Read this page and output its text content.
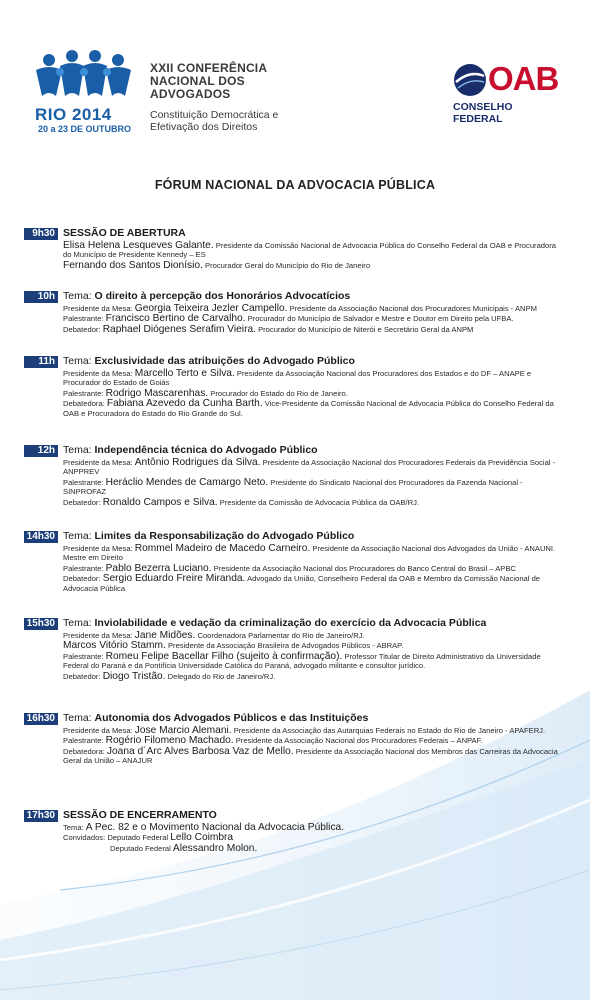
RIO 2014
20 a 23 DE OUTUBRO
XXII CONFERÊNCIA
NACIONAL DOS
ADVOGADOS
Constituição Democrática e
Efetivação dos Direitos
OAB
CONSELHO FEDERAL
FÓRUM NACIONAL DA ADVOCACIA PÚBLICA
9h30 SESSÃO DE ABERTURA
Elisa Helena Lesqueves Galante. Presidente da Comissão Nacional de Advocacia Pública do Conselho Federal da OAB e Procuradora do Município de Presidente Kennedy – ES
Fernando dos Santos Dionísio. Procurador Geral do Município do Rio de Janeiro
10h Tema: O direito à percepção dos Honorários Advocatícios
Presidente da Mesa: Georgia Teixeira Jezler Campello. Presidente da Associação Nacional dos Procuradores Municipais - ANPM
Palestrante: Francisco Bertino de Carvalho. Procurador do Município de Salvador e Mestre e Doutor em Direito pela UFBA.
Debatedor: Raphael Diógenes Serafim Vieira. Procurador do Município de Niterói e Secretário Geral da ANPM
11h Tema: Exclusividade das atribuições do Advogado Público
Presidente da Mesa: Marcello Terto e Silva. Presidente da Associação Nacional dos Procuradores dos Estados e do DF – ANAPE e Procurador do Estado de Goiás
Palestrante: Rodrigo Mascarenhas. Procurador do Estado do Rio de Janeiro.
Debatedora: Fabiana Azevedo da Cunha Barth. Vice-Presidente da Comissão Nacional de Advocacia Pública do Conselho Federal da OAB e Procuradora do Estado do Rio Grande do Sul.
12h Tema: Independência técnica do Advogado Público
Presidente da Mesa: Antônio Rodrigues da Silva. Presidente da Associação Nacional dos Procuradores Federais da Previdência Social - ANPPREV
Palestrante: Heráclio Mendes de Camargo Neto. Presidente do Sindicato Nacional dos Procuradores da Fazenda Nacional - SINPROFAZ
Debatedor: Ronaldo Campos e Silva. Presidente da Comissão de Advocacia Pública da OAB/RJ.
14h30 Tema: Limites da Responsabilização do Advogado Público
Presidente da Mesa: Rommel Madeiro de Macedo Carneiro. Presidente da Associação Nacional dos Advogados da União - ANAUNI. Mestre em Direito
Palestrante: Pablo Bezerra Luciano. Presidente da Associação Nacional dos Procuradores do Banco Central do Brasil – APBC
Debatedor: Sergio Eduardo Freire Miranda. Advogado da União, Conselheiro Federal da OAB e Membro da Comissão Nacional de Advocacia Pública
15h30 Tema: Inviolabilidade e vedação da criminalização do exercício da Advocacia Pública
Presidente da Mesa: Jane Midões. Coordenadora Parlamentar do Rio de Janeiro/RJ.
Marcos Vitório Stamm. Presidente da Associação Brasileira de Advogados Públicos - ABRAP.
Palestrante: Romeu Felipe Bacellar Filho (sujeito à confirmação). Professor Titular de Direito Administrativo da Universidade Federal do Paraná e da Pontifícia Universidade Católica do Paraná, advogado militante e consultor jurídico.
Debatedor: Diogo Tristão. Delegado do Rio de Janeiro/RJ.
16h30 Tema: Autonomia dos Advogados Públicos e das Instituições
Presidente da Mesa: Jose Marcio Alemani. Presidente da Associação das Autarquias Federais no Estado do Rio de Janeiro - APAFERJ.
Palestrante: Rogério Filomeno Machado. Presidente da Associação Nacional dos Procuradores Federais – ANPAF.
Debatedora: Joana d´Arc Alves Barbosa Vaz de Mello. Presidente da Associação Nacional dos Membros das Carreiras da Advocacia Geral da União – ANAJUR
17h30 SESSÃO DE ENCERRAMENTO
Tema: A Pec. 82 e o Movimento Nacional da Advocacia Pública.
Convidados: Deputado Federal Lello Coimbra
Deputado Federal Alessandro Molon.
